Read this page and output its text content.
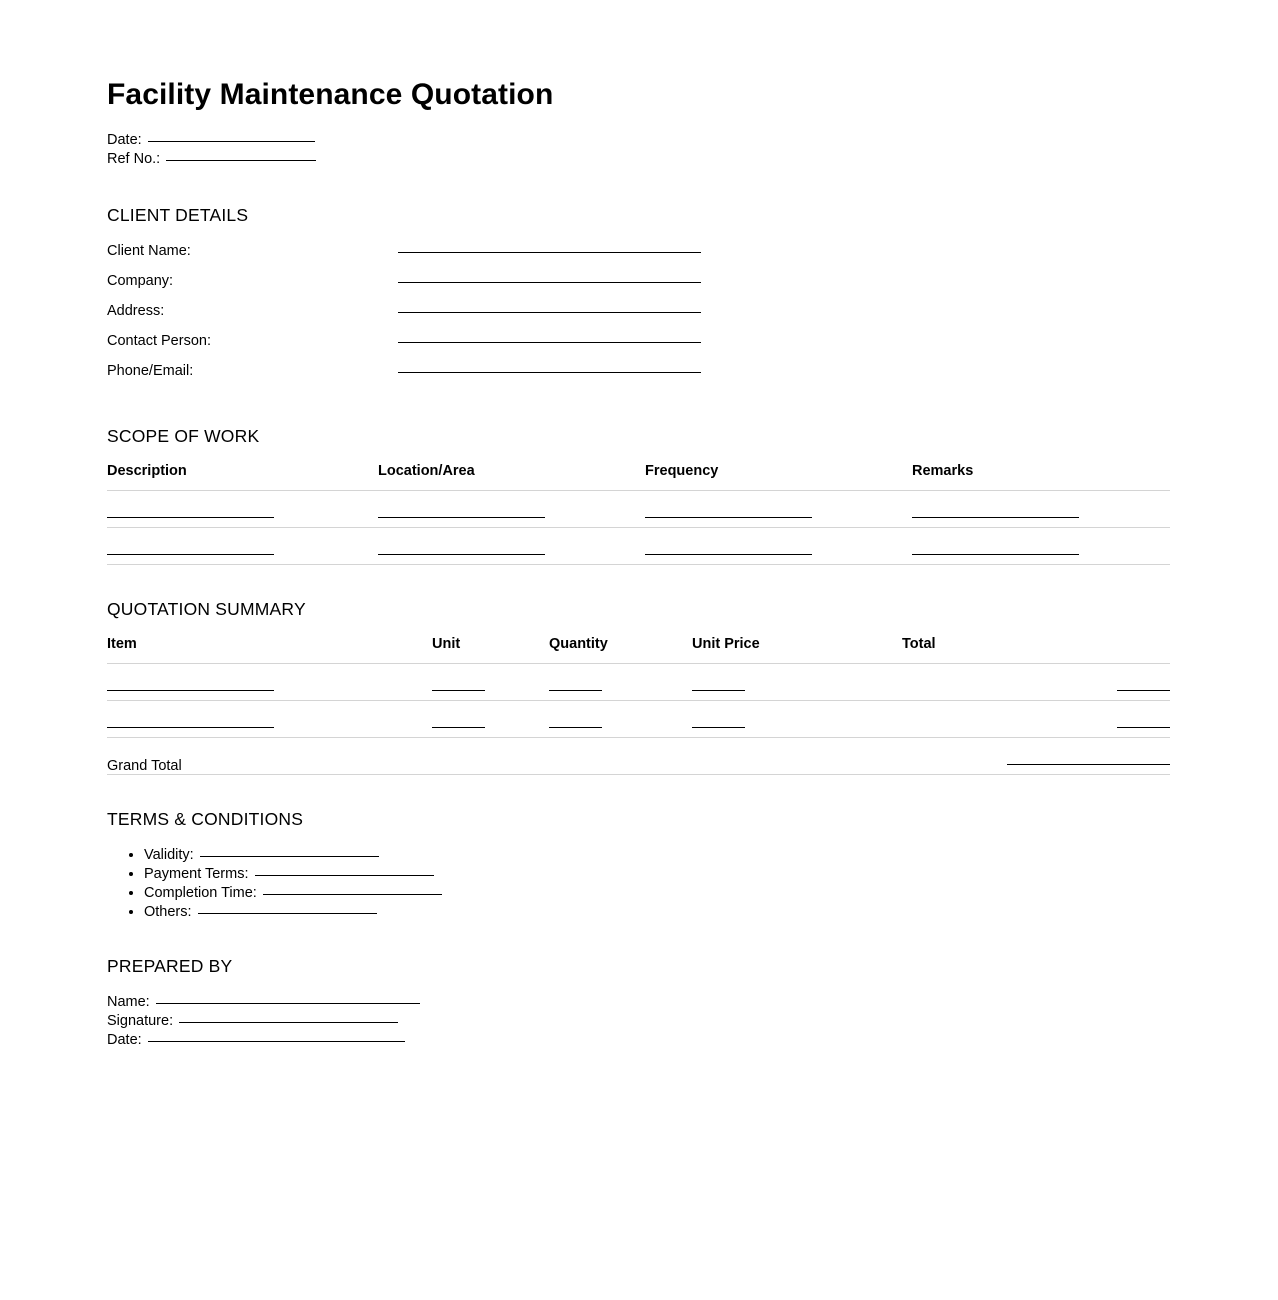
Facility Maintenance Quotation
Date:
Ref No.:
CLIENT DETAILS
Client Name:
Company:
Address:
Contact Person:
Phone/Email:
SCOPE OF WORK
Description	Location/Area	Frequency	Remarks

QUOTATION SUMMARY
Item	Unit	Quantity	Unit Price	Total

Grand Total				
TERMS & CONDITIONS
• Validity:
• Payment Terms:
• Completion Time:
• Others:
PREPARED BY
Name:
Signature:
Date:
